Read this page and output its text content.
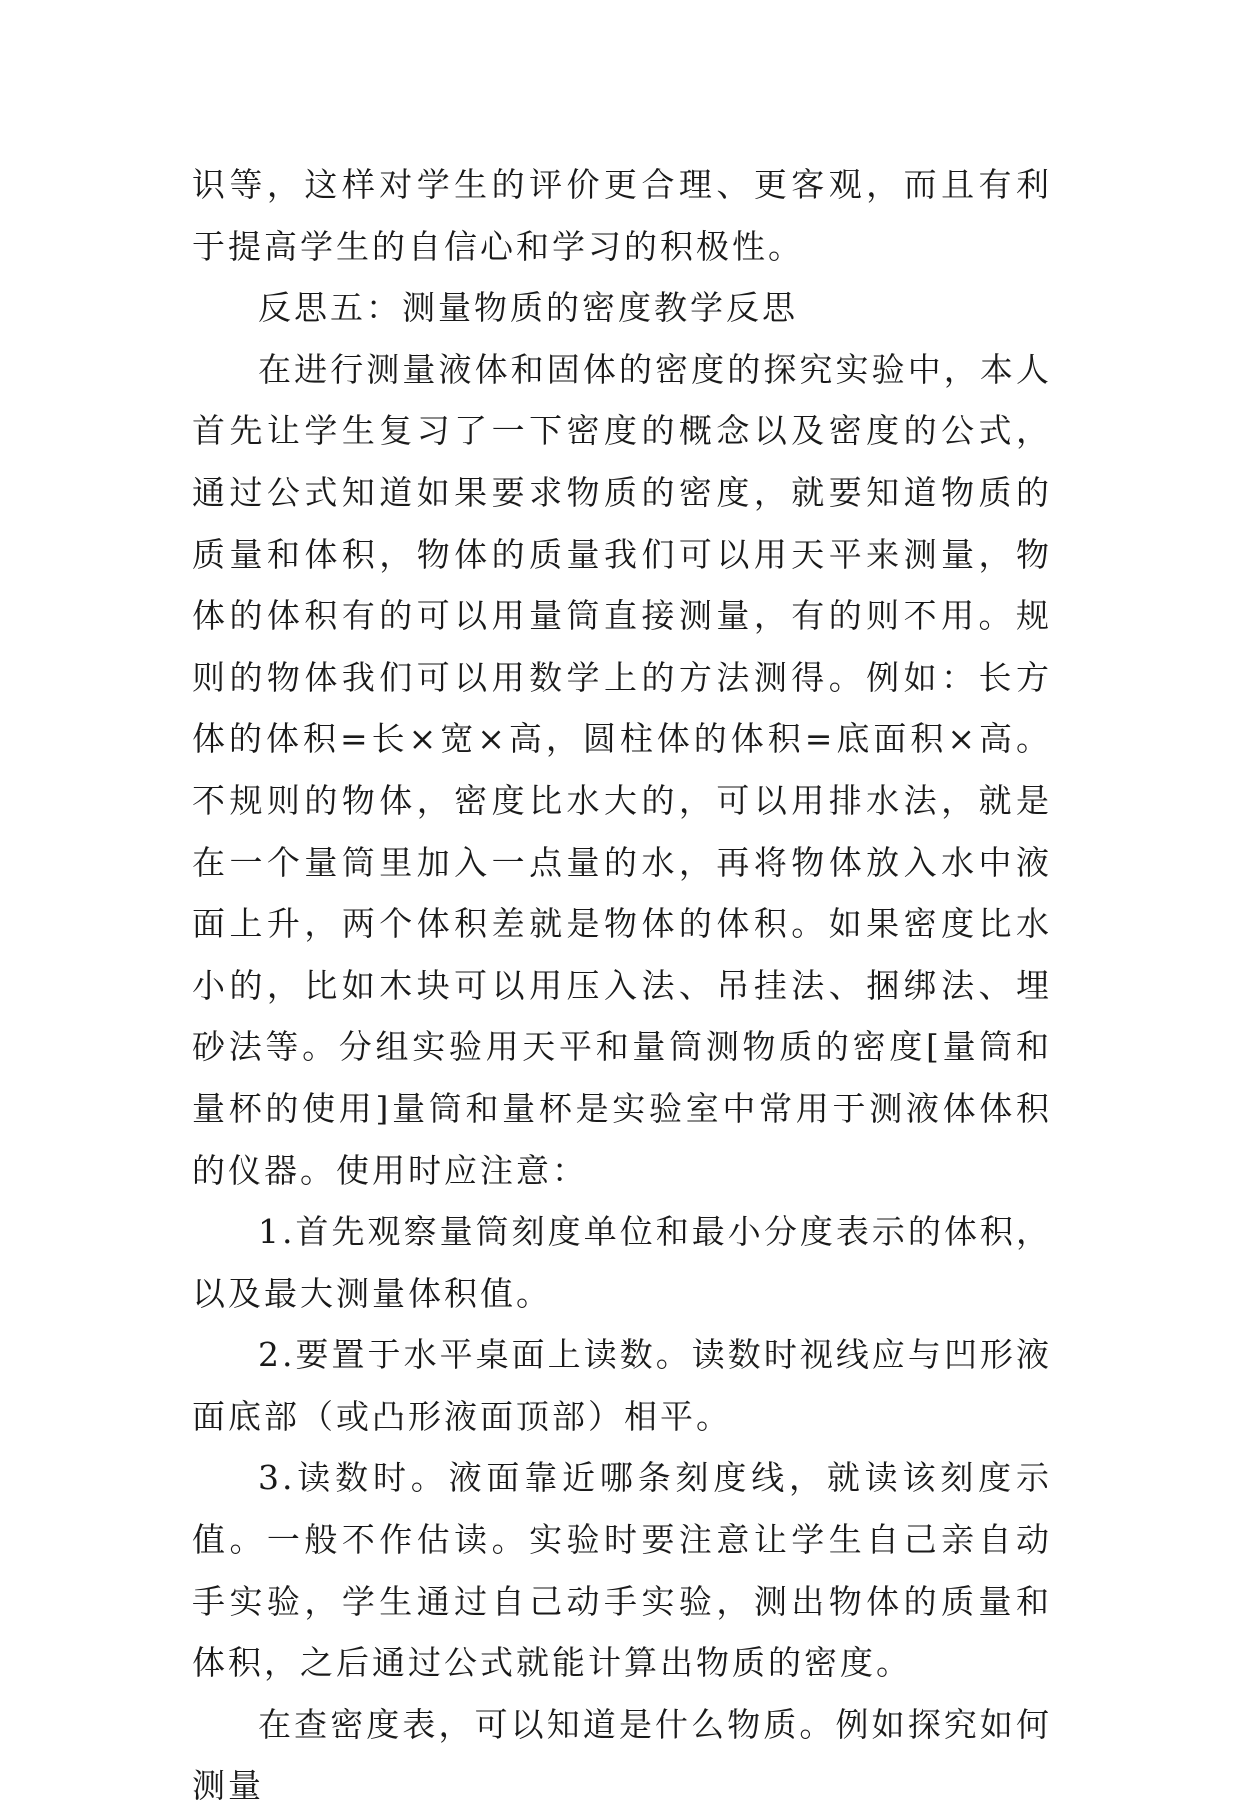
识等，这样对学生的评价更合理、更客观，而且有利于提高学生的自信心和学习的积极性。

反思五：测量物质的密度教学反思

在进行测量液体和固体的密度的探究实验中，本人首先让学生复习了一下密度的概念以及密度的公式，通过公式知道如果要求物质的密度，就要知道物质的质量和体积，物体的质量我们可以用天平来测量，物体的体积有的可以用量筒直接测量，有的则不用。规则的物体我们可以用数学上的方法测得。例如：长方体的体积=长×宽×高，圆柱体的体积=底面积×高。不规则的物体，密度比水大的，可以用排水法，就是在一个量筒里加入一点量的水，再将物体放入水中液面上升，两个体积差就是物体的体积。如果密度比水小的，比如木块可以用压入法、吊挂法、捆绑法、埋砂法等。分组实验用天平和量筒测物质的密度[量筒和量杯的使用]量筒和量杯是实验室中常用于测液体体积的仪器。使用时应注意：

1.首先观察量筒刻度单位和最小分度表示的体积，以及最大测量体积值。

2.要置于水平桌面上读数。读数时视线应与凹形液面底部（或凸形液面顶部）相平。

3.读数时。液面靠近哪条刻度线，就读该刻度示值。一般不作估读。实验时要注意让学生自己亲自动手实验，学生通过自己动手实验，测出物体的质量和体积，之后通过公式就能计算出物质的密度。

在查密度表，可以知道是什么物质。例如探究如何测量
